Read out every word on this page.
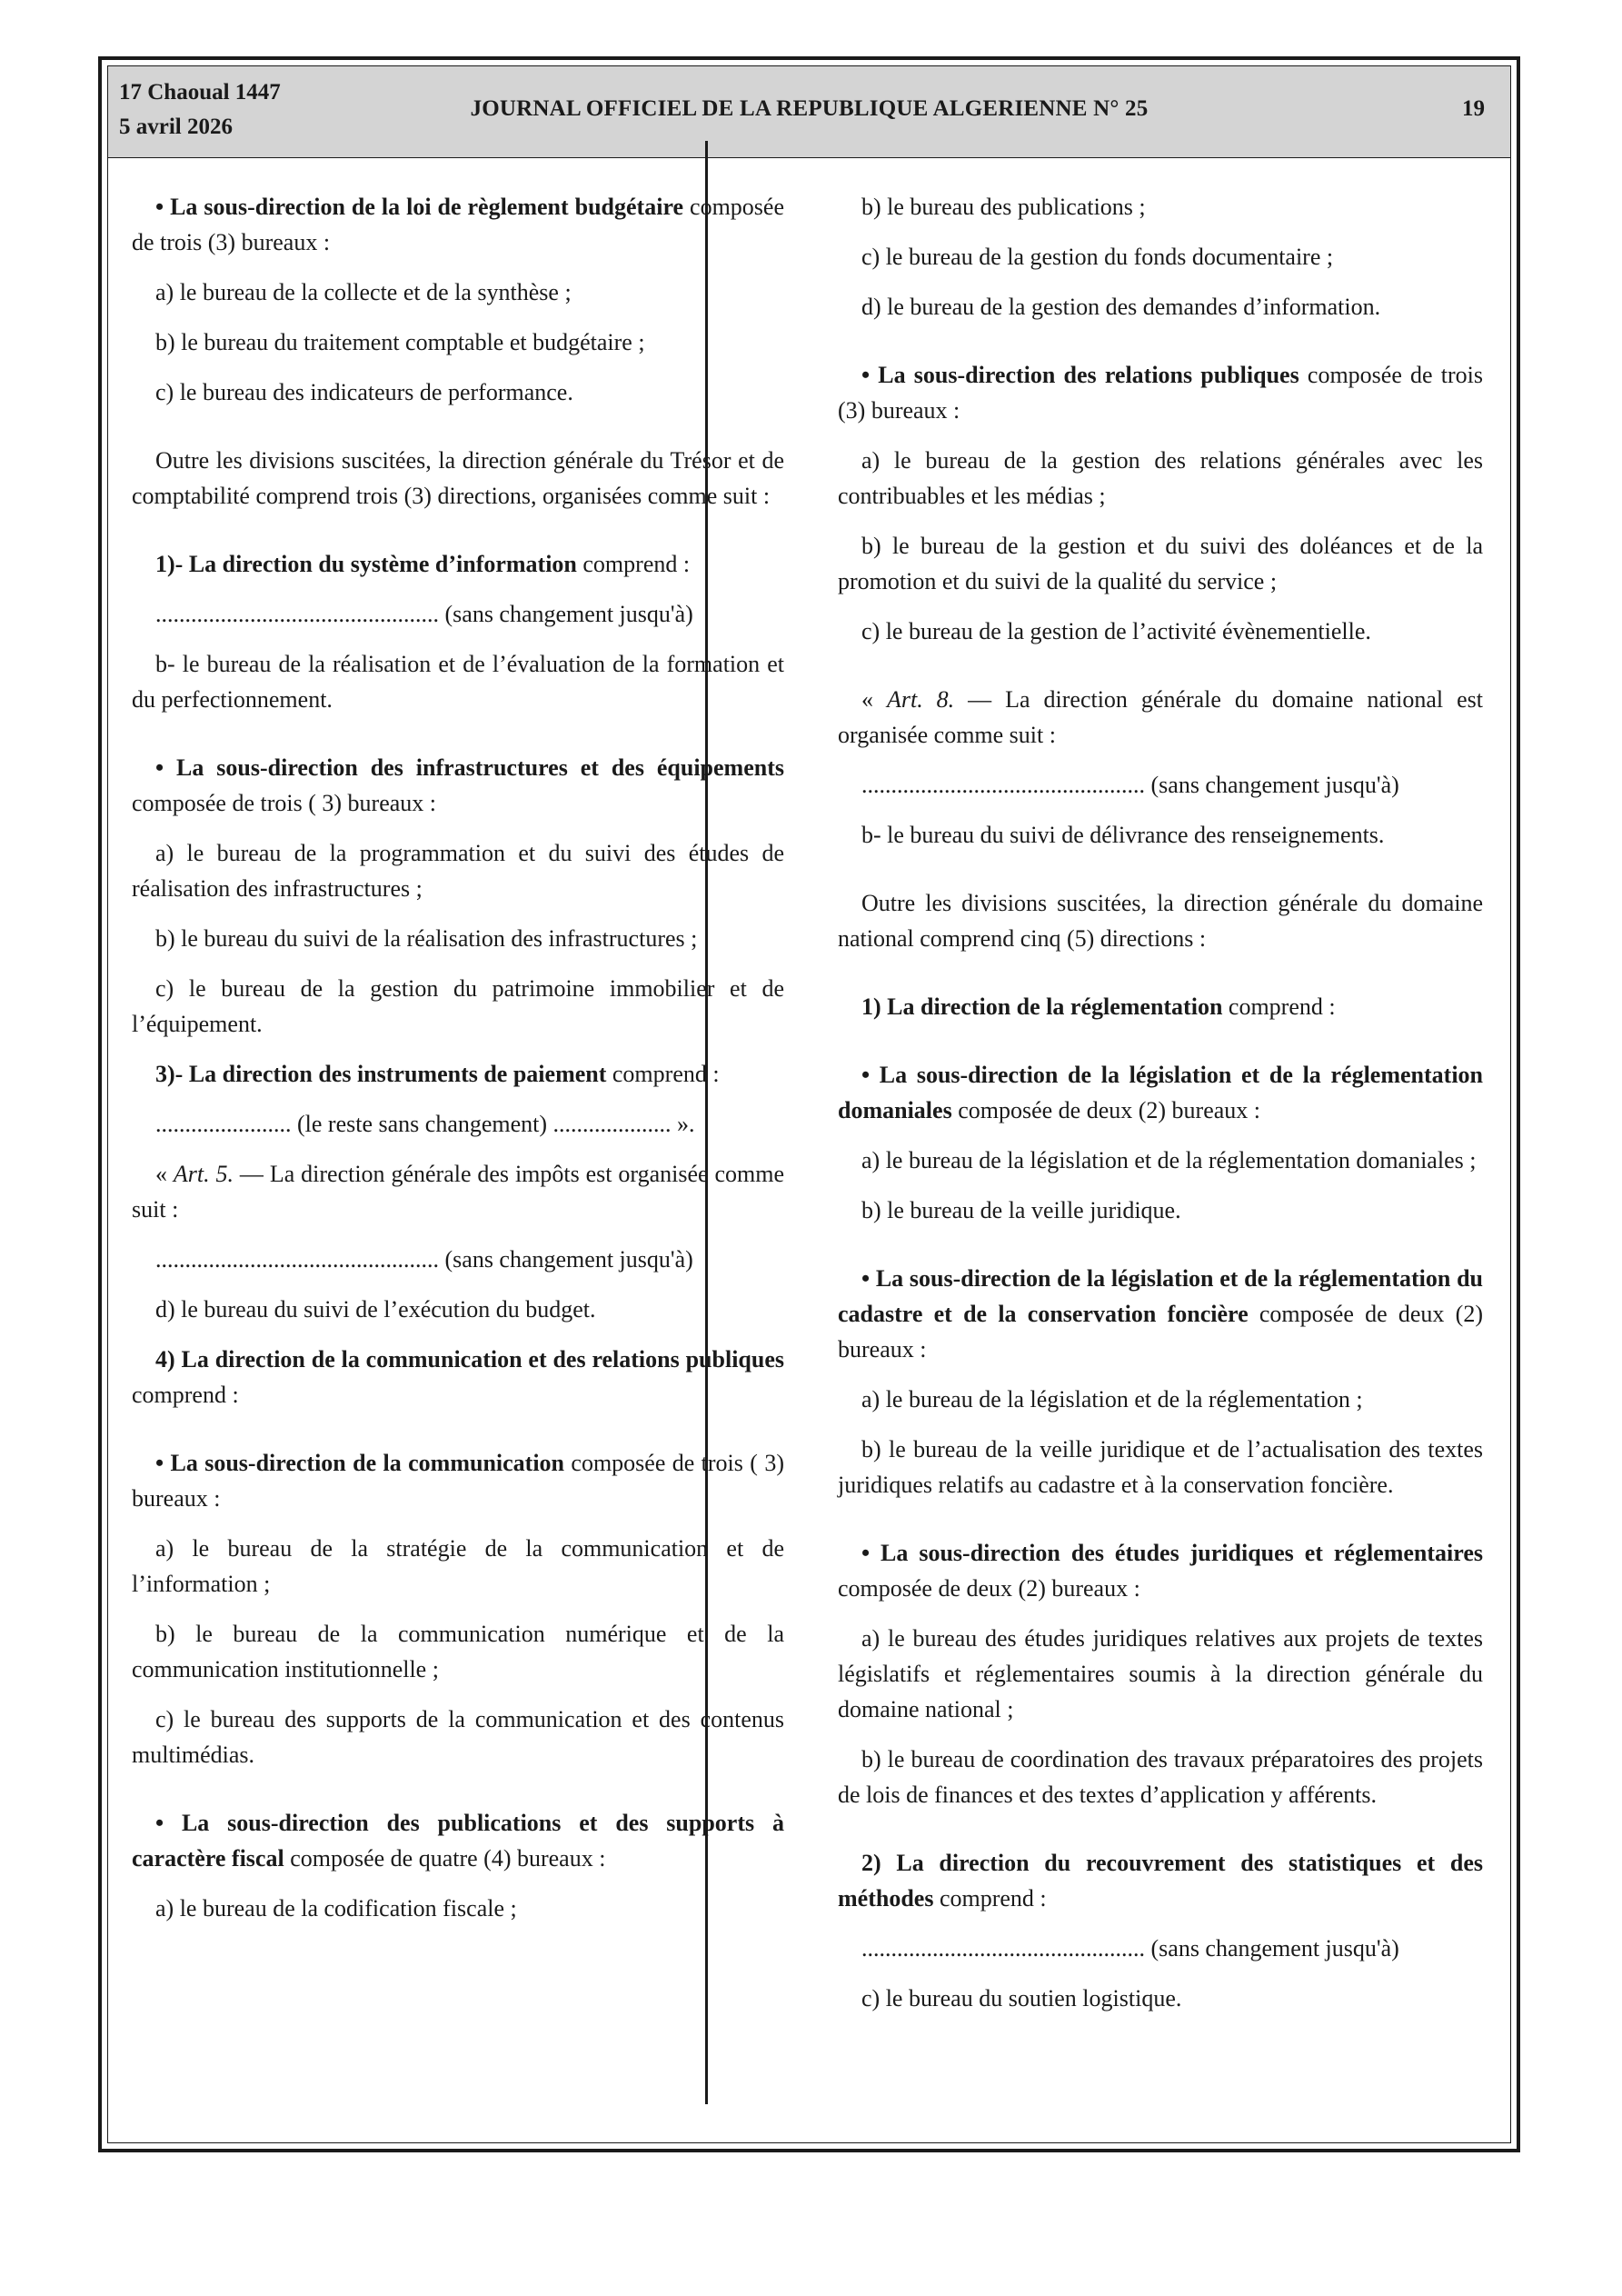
17 Chaoual 1447
5 avril 2026
JOURNAL OFFICIEL DE LA REPUBLIQUE ALGERIENNE N° 25	19

• La sous-direction de la loi de règlement budgétaire composée de trois (3) bureaux :

a) le bureau de la collecte et de la synthèse ;

b) le bureau du traitement comptable et budgétaire ;

c) le bureau des indicateurs de performance.

Outre les divisions suscitées, la direction générale du Trésor et de comptabilité comprend trois (3) directions, organisées comme suit :

1)- La direction du système d’information comprend :

................................................ (sans changement jusqu'à)

b- le bureau de la réalisation et de l’évaluation de la formation et du perfectionnement.

• La sous-direction des infrastructures et des équipements composée de trois ( 3) bureaux :

a) le bureau de la programmation et du suivi des études de réalisation des infrastructures ;

b) le bureau du suivi de la réalisation des infrastructures ;

c) le bureau de la gestion du patrimoine immobilier et de l’équipement.

3)- La direction des instruments de paiement comprend :

....................... (le reste sans changement) .................... ».

« Art. 5. — La direction générale des impôts est organisée comme suit :

................................................ (sans changement jusqu'à)

d) le bureau du suivi de l’exécution du budget.

4) La direction de la communication et des relations publiques comprend :

• La sous-direction de la communication composée de trois ( 3) bureaux :

a) le bureau de la stratégie de la communication et de l’information ;

b) le bureau de la communication numérique et de la communication institutionnelle ;

c) le bureau des supports de la communication et des contenus multimédias.

• La sous-direction des publications et des supports à caractère fiscal composée de quatre (4) bureaux :

a) le bureau de la codification fiscale ;

b) le bureau des publications ;

c) le bureau de la gestion du fonds documentaire ;

d) le bureau de la gestion des demandes d’information.

• La sous-direction des relations publiques composée de trois (3) bureaux :

a) le bureau de la gestion des relations générales avec les contribuables et les médias ;

b) le bureau de la gestion et du suivi des doléances et de la promotion et du suivi de la qualité du service ;

c) le bureau de la gestion de l’activité évènementielle.

« Art. 8. — La direction générale du domaine national est organisée comme suit :

................................................ (sans changement jusqu'à)

b- le bureau du suivi de délivrance des renseignements.

Outre les divisions suscitées, la direction générale du domaine national comprend cinq (5) directions :

1) La direction de la réglementation comprend :

• La sous-direction de la législation et de la réglementation domaniales composée de deux (2) bureaux :

a) le bureau de la législation et de la réglementation domaniales ;

b) le bureau de la veille juridique.

• La sous-direction de la législation et de la réglementation du cadastre et de la conservation foncière composée de deux (2) bureaux :

a) le bureau de la législation et de la réglementation ;

b) le bureau de la veille juridique et de l’actualisation des textes juridiques relatifs au cadastre et à la conservation foncière.

• La sous-direction des études juridiques et réglementaires composée de deux (2) bureaux :

a) le bureau des études juridiques relatives aux projets de textes législatifs et réglementaires soumis à la direction générale du domaine national ;

b) le bureau de coordination des travaux préparatoires des projets de lois de finances et des textes d’application y afférents.

2) La direction du recouvrement des statistiques et des méthodes comprend :

................................................ (sans changement jusqu'à)

c) le bureau du soutien logistique.
